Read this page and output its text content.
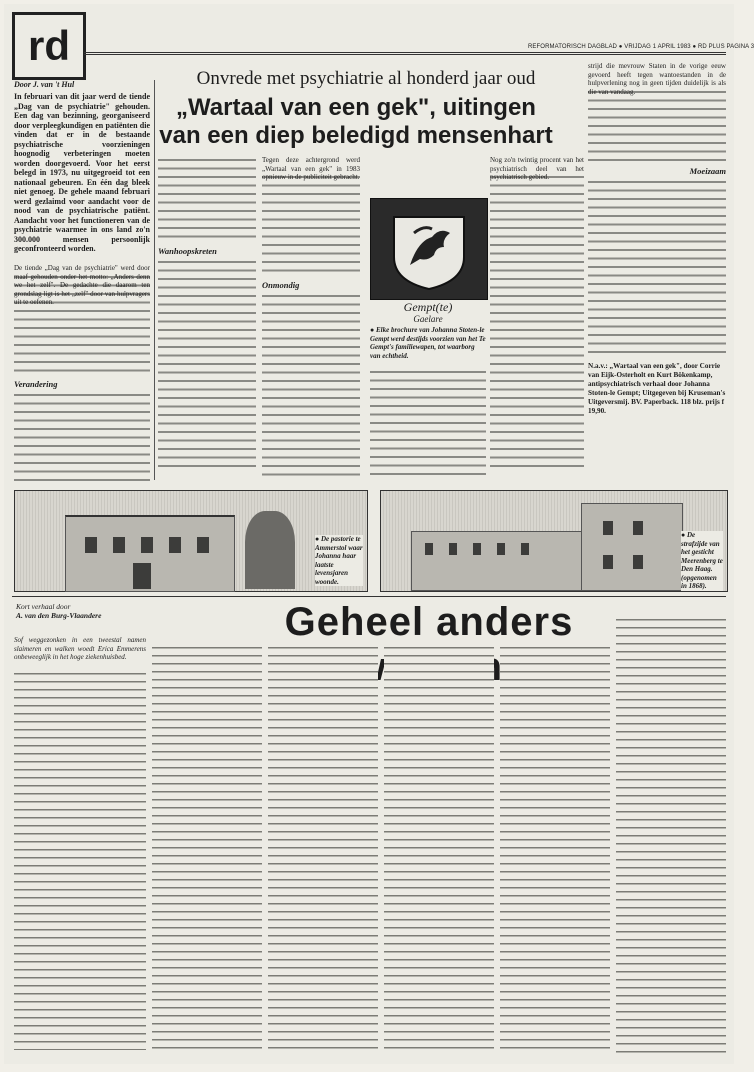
rd	REFORMATORISCH DAGBLAD ● VRIJDAG 1 APRIL 1983 ● RD PLUS PAGINA 3
Door J. van 't Hul
In februari van dit jaar werd de tiende „Dag van de psychiatrie" gehouden. Een dag van bezinning, georganiseerd door verpleegkundigen en patiënten die vinden dat er in de bestaande psychiatrische voorzieningen hoognodig verbeteringen moeten worden doorgevoerd. Voor het eerst belegd in 1973, nu uitgegroeid tot een nationaal gebeuren. En één dag bleek niet genoeg. De gehele maand februari werd gezlaimd voor aandacht voor de nood van de psychiatrische patiënt. Aandacht voor het functioneren van de psychiatrie waarmee in ons land zo'n 300.000 mensen persoonlijk geconfronteerd worden.
De tiende „Dag van de psychiatrie" werd door maaf gehouden onder het motto: „Anders denn we het zelf". De gedachte die daarom ten grondslag ligt is het „zelf" door van hulpvragers uit te oefenen.
Verandering
Onvrede met psychiatrie al honderd jaar oud
„Wartaal van een gek", uitingen
van een diep beledigd mensenhart
Wanhoopskreten
Tegen deze achtergrond werd „Wartaal van een gek" in 1983 opnieuw in de publiciteit gebracht.
Onmondig
Gempt(te)
Gaelare
● Elke brochure van Johanna Stoten-le Gempt werd destijds voorzien van het Te Gempt's familiewapen, tot waarborg van echtheid.
Nog zo'n twintig procent van het psychiatrisch deel van het psychiatrisch gebied.
strijd die mevrouw Staten in de vorige eeuw gevoerd heeft tegen wantoestanden in de hulpverlening nog in geen tijden duidelijk is als die van vandaag.
Moeizaam
N.a.v.: „Wartaal van een gek", door Corrie van Eijk-Osterholt en Kurt Bökenkamp, antipsychiatrisch verhaal door Johanna Stoten-le Gempt; Uitgegeven bij Kruseman's Uitgeversmij. BV. Paperback. 118 blz. prijs f 19,90.
● De pastorie te Ammerstol waar Johanna haar laatste levensjaren woonde.
● De strafzijde van het gesticht Meerenberg te Den Haag. (opgenomen in 1868).
Kort verhaal door
A. van den Burg-Vlaandere	Geheel anders
Sof weggezonken in een tweestal namen slaimeren en walken woedt Erica Emmerens onbeweeglijk in het hoge ziekenhuisbed.
